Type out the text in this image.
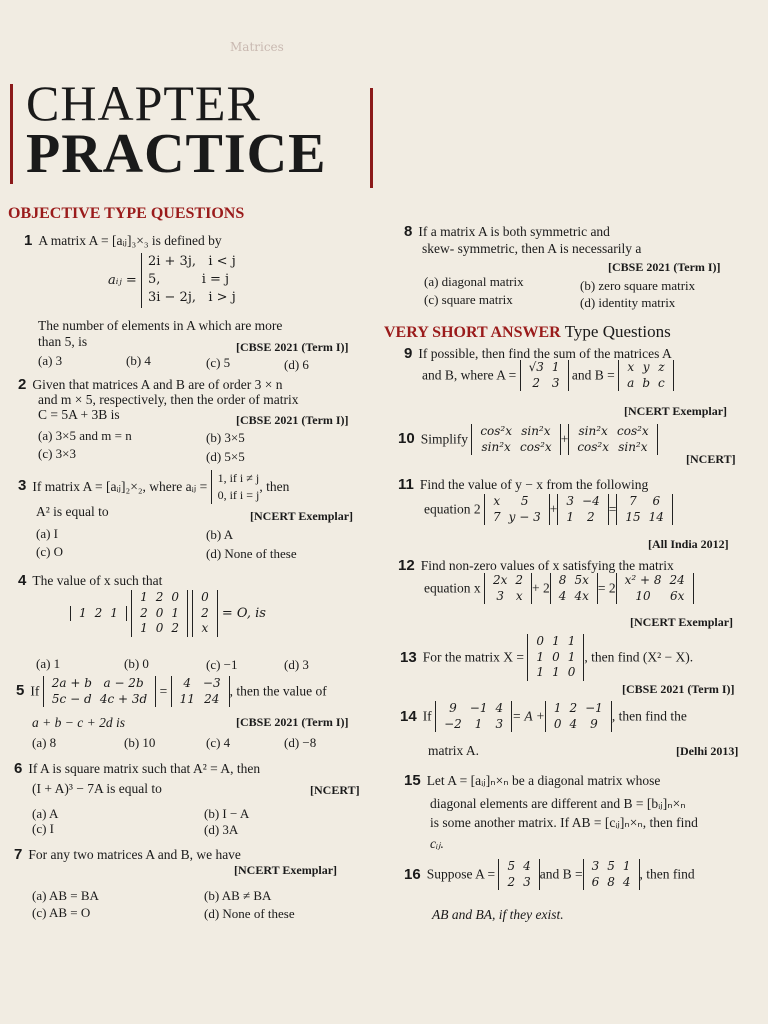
Matrices
CHAPTER
PRACTICE
OBJECTIVE TYPE QUESTIONS
1 A matrix A = [aᵢⱼ]₃×₃ is defined by
aᵢⱼ =
2i + 3j,   i < j
5,          i = j
3i − 2j,   i > j
The number of elements in A which are more
than 5, is	[CBSE 2021 (Term I)]
(a) 3	(b) 4	(c) 5	(d) 6
2 Given that matrices A and B are of order 3 × n
and m × 5, respectively, then the order of matrix
C = 5A + 3B is	[CBSE 2021 (Term I)]
(a) 3×5 and m = n	(b) 3×5
(c) 3×3	(d) 5×5
3 If matrix A = [aᵢⱼ]₂×₂, where aᵢⱼ =
1, if i ≠ j
0, if i = j
, then
A² is equal to	[NCERT Exemplar]
(a) I	(b) A
(c) O	(d) None of these
4 The value of x such that
1	2	1

1	2	0
2	0	1
1	0	2

0
2
x
= O, is
(a) 1	(b) 0	(c) −1	(d) 3
5 If
2a + b	a − 2b
5c − d	4c + 3d =
4	−3
11	24 , then the value of
a + b − c + 2d is	[CBSE 2021 (Term I)]
(a) 8	(b) 10	(c) 4	(d) −8
6 If A is square matrix such that A² = A, then
(I + A)³ − 7A is equal to	[NCERT]
(a) A	(b) I − A
(c) I	(d) 3A
7 For any two matrices A and B, we have
[NCERT Exemplar]
(a) AB = BA	(b) AB ≠ BA
(c) AB = O	(d) None of these
8 If a matrix A is both symmetric and
skew- symmetric, then A is necessarily a
[CBSE 2021 (Term I)]
(a) diagonal matrix	(b) zero square matrix
(c) square matrix	(d) identity matrix
VERY SHORT ANSWER Type Questions
9 If possible, then find the sum of the matrices A
and B, where A =
√3	1
2	3 and B =
x	y	z
a	b	c
[NCERT Exemplar]
10 Simplify
cos²x	sin²x
sin²x	cos²x +
sin²x	cos²x
cos²x	sin²x
[NCERT]
11 Find the value of y − x from the following
equation 2
x	5
7	y − 3 +
3	−4
1	2 =
7	6
15	14
[All India 2012]
12 Find non-zero values of x satisfying the matrix
equation x
2x	2
3	x + 2
8	5x
4	4x = 2
x² + 8	24
10	6x
[NCERT Exemplar]
13 For the matrix X =
0	1	1
1	0	1
1	1	0
, then find (X² − X).
[CBSE 2021 (Term I)]
14 If
9	−1	4
−2	1	3 = A +
1	2	−1
0	4	9 , then find the
matrix A.	[Delhi 2013]
15 Let A = [aᵢⱼ]ₙ×ₙ be a diagonal matrix whose
diagonal elements are different and B = [bᵢⱼ]ₙ×ₙ
is some another matrix. If AB = [cᵢⱼ]ₙ×ₙ, then find
cᵢⱼ.
16 Suppose A =
5	4
2	3 and B =
3	5	1
6	8	4 , then find
AB and BA, if they exist.
